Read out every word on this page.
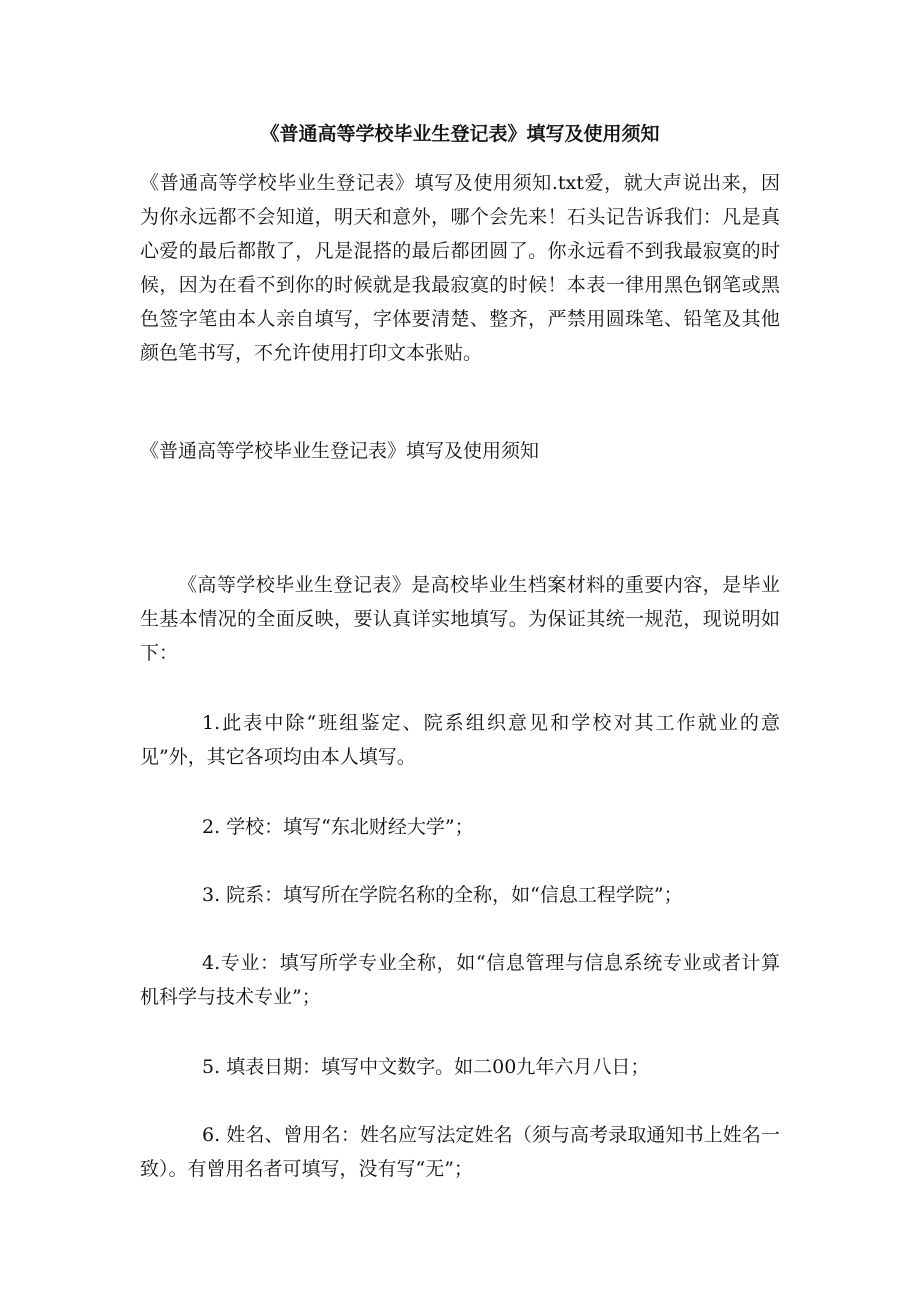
《普通高等学校毕业生登记表》填写及使用须知

《普通高等学校毕业生登记表》填写及使用须知.txt爱，就大声说出来，因为你永远都不会知道，明天和意外，哪个会先来！石头记告诉我们：凡是真心爱的最后都散了，凡是混搭的最后都团圆了。你永远看不到我最寂寞的时候，因为在看不到你的时候就是我最寂寞的时候！本表一律用黑色钢笔或黑色签字笔由本人亲自填写，字体要清楚、整齐，严禁用圆珠笔、铅笔及其他颜色笔书写，不允许使用打印文本张贴。

《普通高等学校毕业生登记表》填写及使用须知

《高等学校毕业生登记表》是高校毕业生档案材料的重要内容，是毕业生基本情况的全面反映，要认真详实地填写。为保证其统一规范，现说明如下：

1.此表中除“班组鉴定、院系组织意见和学校对其工作就业的意见”外，其它各项均由本人填写。

2. 学校：填写“东北财经大学”；

3. 院系：填写所在学院名称的全称，如“信息工程学院”；

4.专业：填写所学专业全称，如“信息管理与信息系统专业或者计算机科学与技术专业”；

5. 填表日期：填写中文数字。如二00九年六月八日；

6. 姓名、曾用名：姓名应写法定姓名（须与高考录取通知书上姓名一致）。有曾用名者可填写，没有写“无”；
